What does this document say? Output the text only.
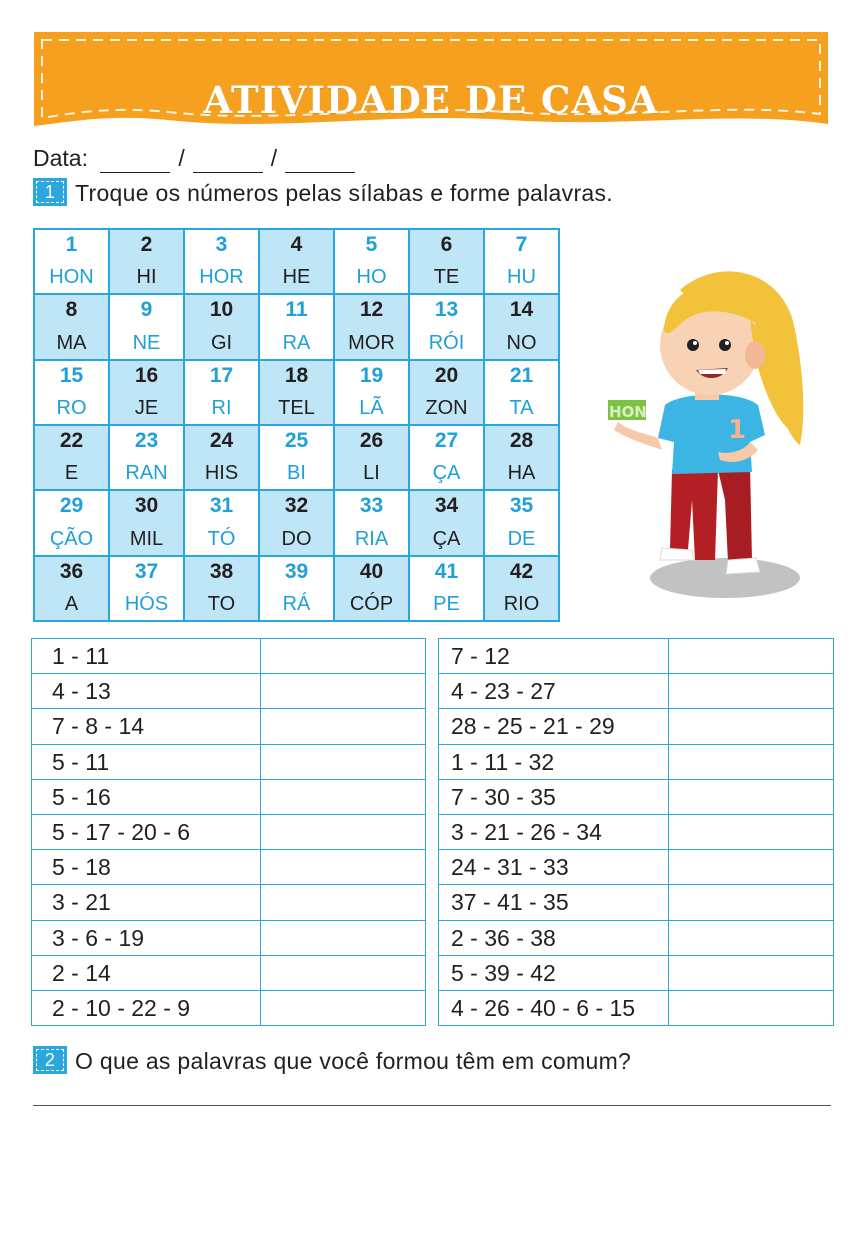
ATIVIDADE DE CASA
Data:	/	/
1 Troque os números pelas sílabas e forme palavras.
1
HON
2
HI
3
HOR
4
HE
5
HO
6
TE
7
HU
8
MA
9
NE
10
GI
11
RA
12
MOR
13
RÓI
14
NO
15
RO
16
JE
17
RI
18
TEL
19
LÃ
20
ZON
21
TA
22
E
23
RAN
24
HIS
25
BI
26
LI
27
ÇA
28
HA
29
ÇÃO
30
MIL
31
TÓ
32
DO
33
RIA
34
ÇA
35
DE
36
A
37
HÓS
38
TO
39
RÁ
40
CÓP
41
PE
42
RIO
1
HON
1 - 11
4 - 13
7 - 8 - 14
5 - 11
5 - 16
5 - 17 - 20 - 6
5 - 18
3 - 21
3 - 6 - 19
2 - 14
2 - 10 - 22 - 9
7 - 12
4 - 23 - 27
28 - 25 - 21 - 29
1 - 11 - 32
7 - 30 - 35
3 - 21 - 26 - 34
24 - 31 - 33
37 - 41 - 35
2 - 36 - 38
5 - 39 - 42
4 - 26 - 40 - 6 - 15
2 O que as palavras que você formou têm em comum?
